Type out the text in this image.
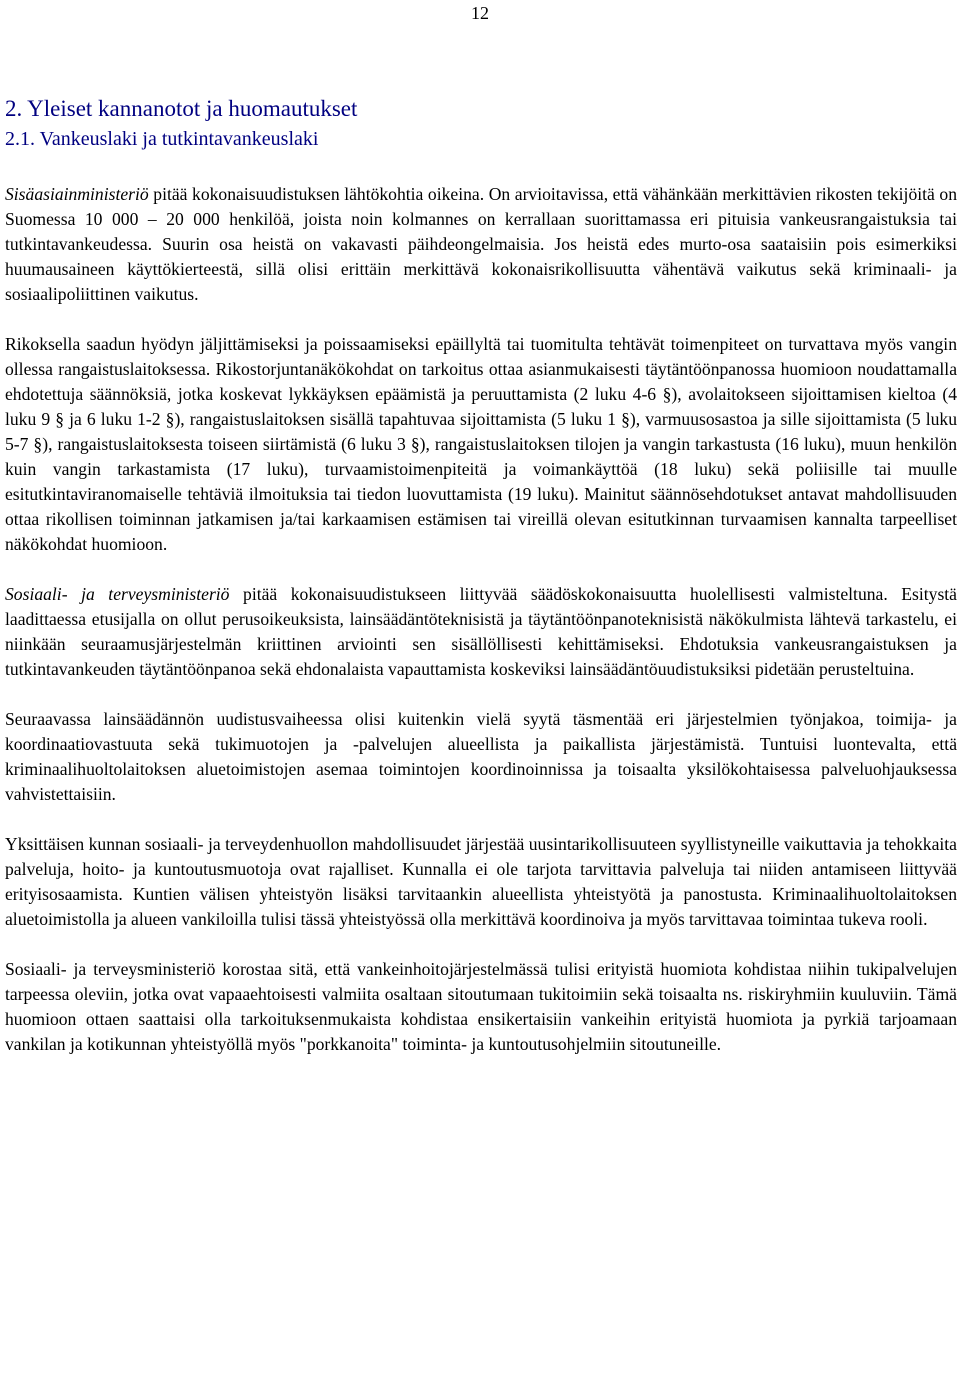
12
2. Yleiset kannanotot ja huomautukset
2.1. Vankeuslaki ja tutkintavankeuslaki

Sisäasiainministeriö pitää kokonaisuudistuksen lähtökohtia oikeina. On arvioitavissa, että vähänkään merkittävien rikosten tekijöitä on Suomessa 10 000 – 20 000 henkilöä, joista noin kolmannes on kerrallaan suorittamassa eri pituisia vankeusrangaistuksia tai tutkintavankeudessa. Suurin osa heistä on vakavasti päihdeongelmaisia. Jos heistä edes murto-osa saataisiin pois esimerkiksi huumausaineen käyttökierteestä, sillä olisi erittäin merkittävä kokonaisrikollisuutta vähentävä vaikutus sekä kriminaali- ja sosiaalipoliittinen vaikutus.

Rikoksella saadun hyödyn jäljittämiseksi ja poissaamiseksi epäillyltä tai tuomitulta tehtävät toimenpiteet on turvattava myös vangin ollessa rangaistuslaitoksessa. Rikostorjuntanäkökohdat on tarkoitus ottaa asianmukaisesti täytäntöönpanossa huomioon noudattamalla ehdotettuja säännöksiä, jotka koskevat lykkäyksen epäämistä ja peruuttamista (2 luku 4-6 §), avolaitokseen sijoittamisen kieltoa (4 luku 9 § ja 6 luku 1-2 §), rangaistuslaitoksen sisällä tapahtuvaa sijoittamista (5 luku 1 §), varmuusosastoa ja sille sijoittamista (5 luku 5-7 §), rangaistuslaitoksesta toiseen siirtämistä (6 luku 3 §), rangaistuslaitoksen tilojen ja vangin tarkastusta (16 luku), muun henkilön kuin vangin tarkastamista (17 luku), turvaamistoimenpiteitä ja voimankäyttöä (18 luku) sekä poliisille tai muulle esitutkintaviranomaiselle tehtäviä ilmoituksia tai tiedon luovuttamista (19 luku). Mainitut säännösehdotukset antavat mahdollisuuden ottaa rikollisen toiminnan jatkamisen ja/tai karkaamisen estämisen tai vireillä olevan esitutkinnan turvaamisen kannalta tarpeelliset näkökohdat huomioon.

Sosiaali- ja terveysministeriö pitää kokonaisuudistukseen liittyvää säädöskokonaisuutta huolellisesti valmisteltuna. Esitystä laadittaessa etusijalla on ollut perusoikeuksista, lainsäädäntöteknisistä ja täytäntöönpanoteknisistä näkökulmista lähtevä tarkastelu, ei niinkään seuraamusjärjestelmän kriittinen arviointi sen sisällöllisesti kehittämiseksi. Ehdotuksia vankeusrangaistuksen ja tutkintavankeuden täytäntöönpanoa sekä ehdonalaista vapauttamista koskeviksi lainsäädäntöuudistuksiksi pidetään perusteltuina.

Seuraavassa lainsäädännön uudistusvaiheessa olisi kuitenkin vielä syytä täsmentää eri järjestelmien työnjakoa, toimija- ja koordinaatiovastuuta sekä tukimuotojen ja -palvelujen alueellista ja paikallista järjestämistä. Tuntuisi luontevalta, että kriminaalihuoltolaitoksen aluetoimistojen asemaa toimintojen koordinoinnissa ja toisaalta yksilökohtaisessa palveluohjauksessa vahvistettaisiin.

Yksittäisen kunnan sosiaali- ja terveydenhuollon mahdollisuudet järjestää uusintarikollisuuteen syyllistyneille vaikuttavia ja tehokkaita palveluja, hoito- ja kuntoutusmuotoja ovat rajalliset. Kunnalla ei ole tarjota tarvittavia palveluja tai niiden antamiseen liittyvää erityisosaamista. Kuntien välisen yhteistyön lisäksi tarvitaankin alueellista yhteistyötä ja panostusta. Kriminaalihuoltolaitoksen aluetoimistolla ja alueen vankiloilla tulisi tässä yhteistyössä olla merkittävä koordinoiva ja myös tarvittavaa toimintaa tukeva rooli.

Sosiaali- ja terveysministeriö korostaa sitä, että vankeinhoitojärjestelmässä tulisi erityistä huomiota kohdistaa niihin tukipalvelujen tarpeessa oleviin, jotka ovat vapaaehtoisesti valmiita osaltaan sitoutumaan tukitoimiin sekä toisaalta ns. riskiryhmiin kuuluviin. Tämä huomioon ottaen saattaisi olla tarkoituksenmukaista kohdistaa ensikertaisiin vankeihin erityistä huomiota ja pyrkiä tarjoamaan vankilan ja kotikunnan yhteistyöllä myös "porkkanoita" toiminta- ja kuntoutusohjelmiin sitoutuneille.
